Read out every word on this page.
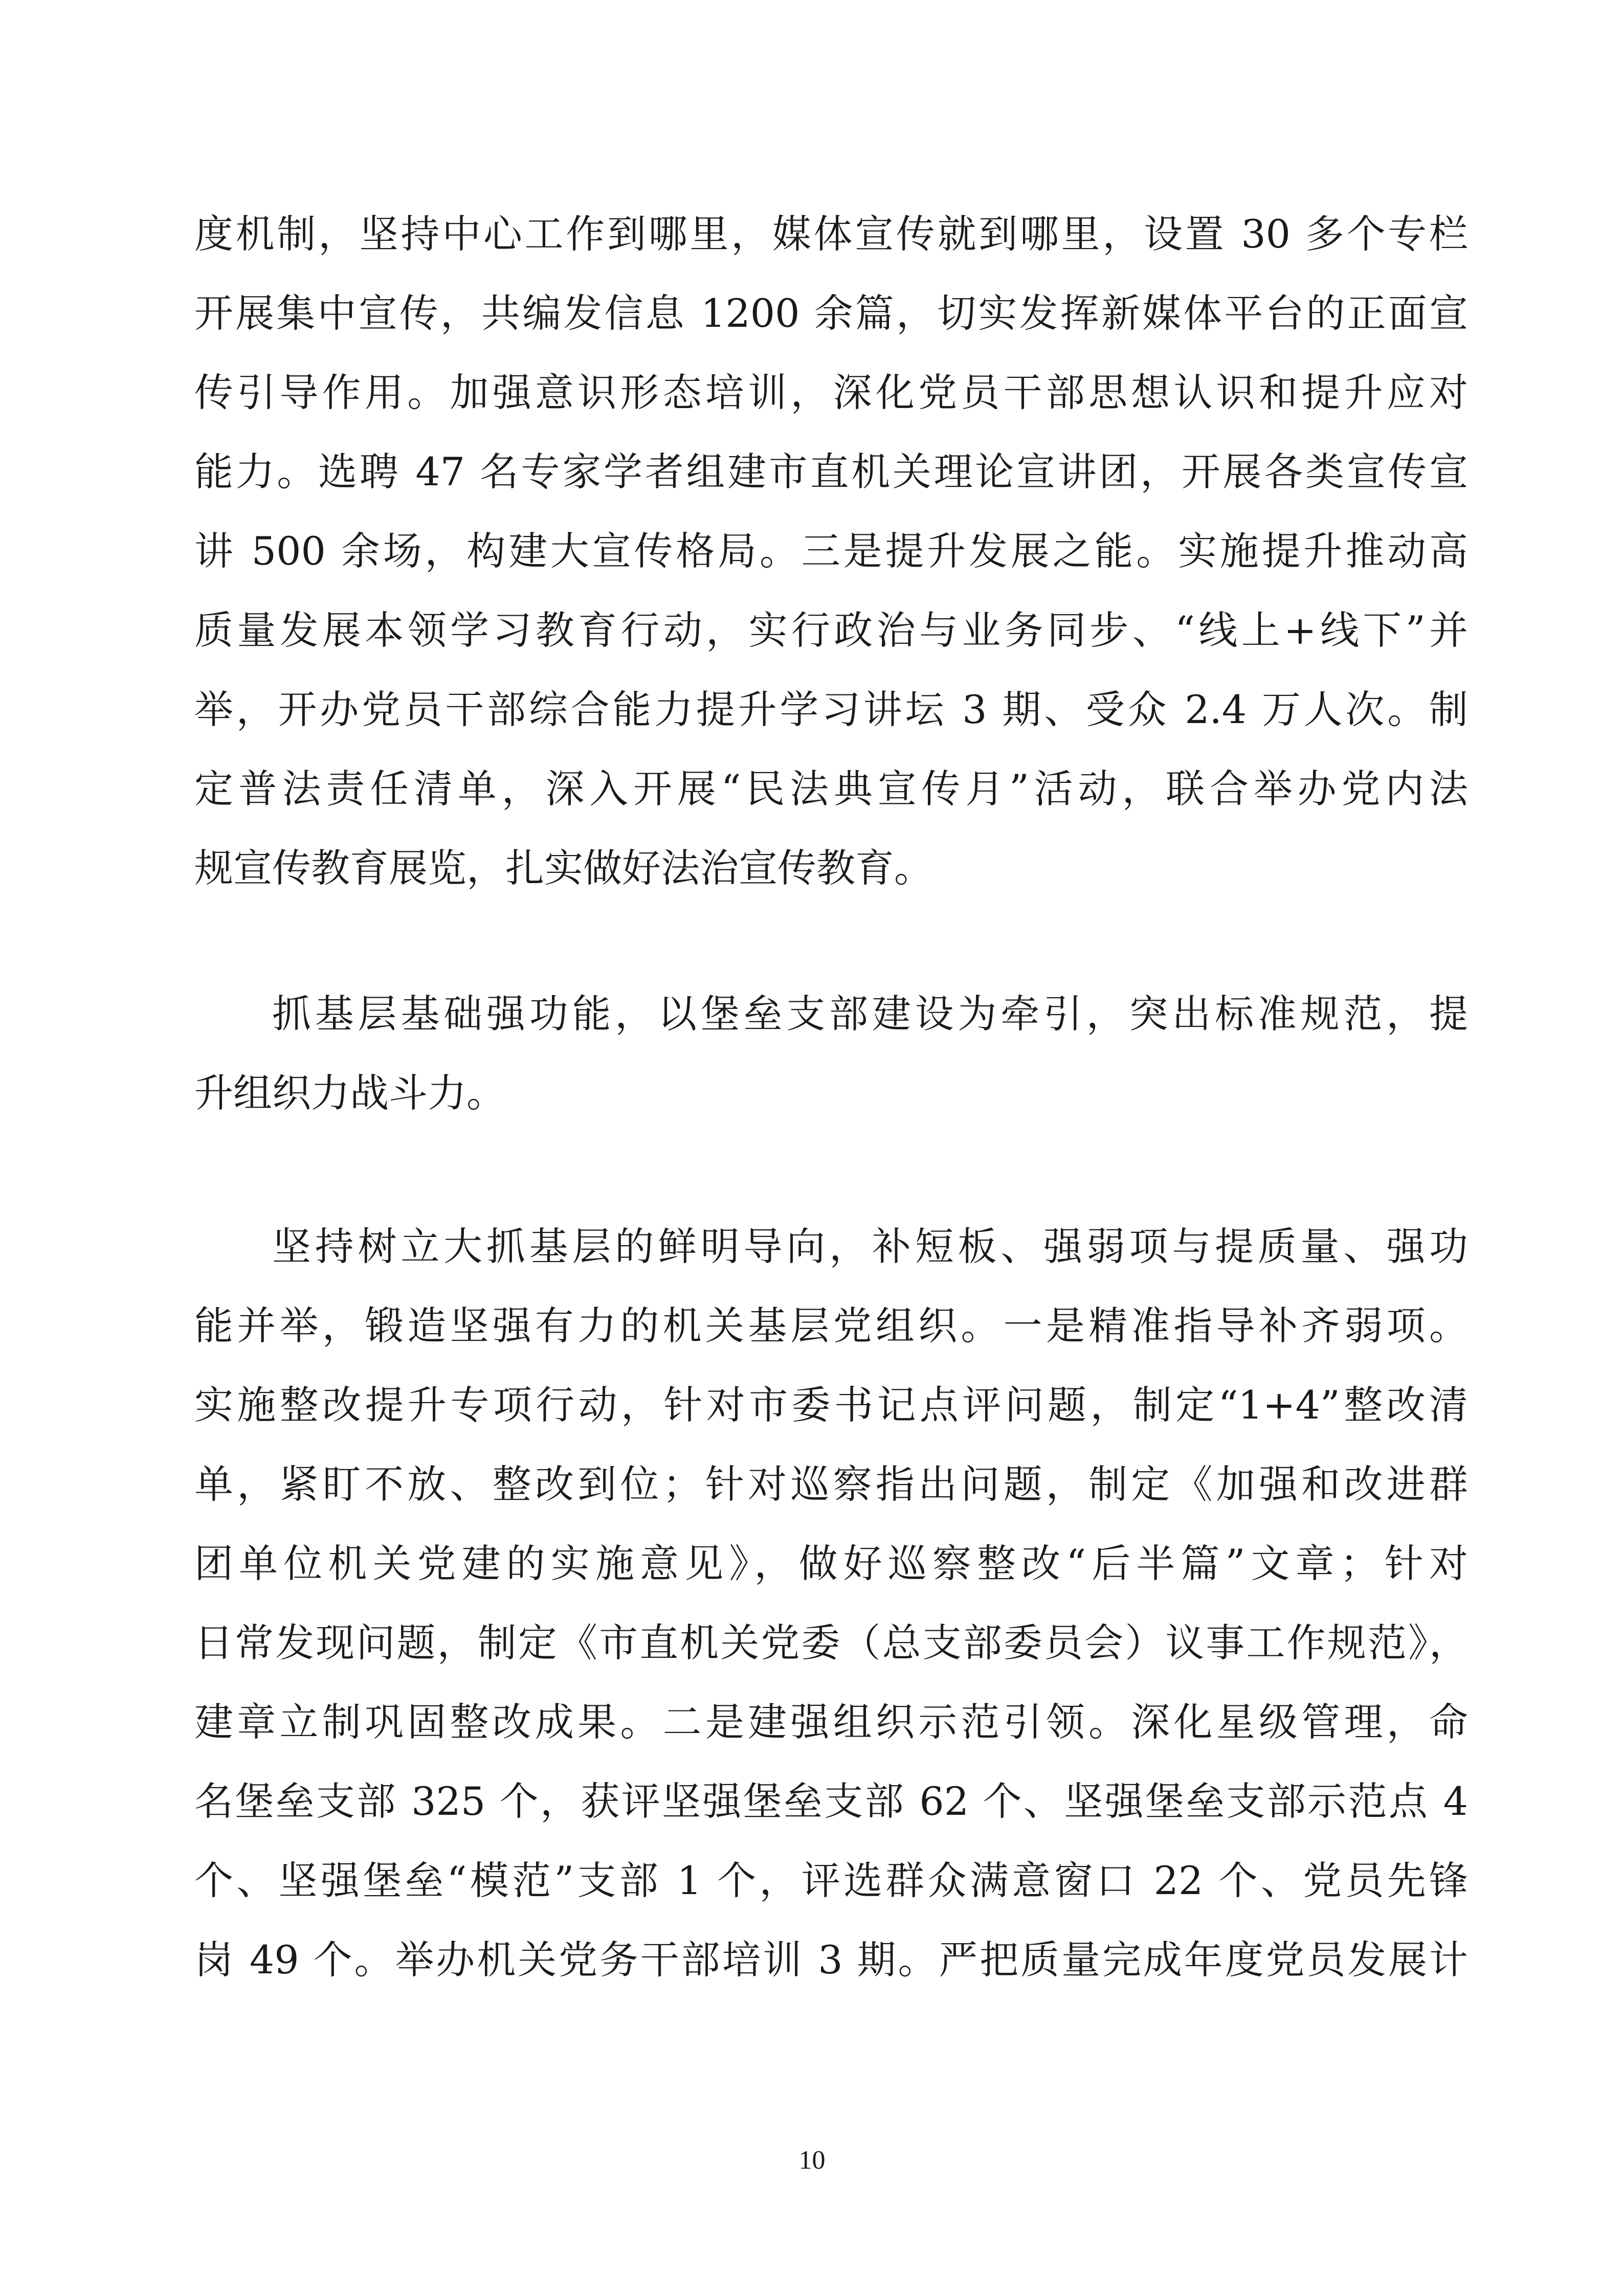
度机制，坚持中心工作到哪里，媒体宣传就到哪里，设置 30 多个专栏
开展集中宣传，共编发信息 1200 余篇，切实发挥新媒体平台的正面宣
传引导作用。加强意识形态培训，深化党员干部思想认识和提升应对
能力。选聘 47 名专家学者组建市直机关理论宣讲团，开展各类宣传宣
讲 500 余场，构建大宣传格局。三是提升发展之能。实施提升推动高
质量发展本领学习教育行动，实行政治与业务同步、“线上+线下”并
举，开办党员干部综合能力提升学习讲坛 3 期、受众 2.4 万人次。制
定普法责任清单，深入开展“民法典宣传月”活动，联合举办党内法
规宣传教育展览，扎实做好法治宣传教育。
抓基层基础强功能，以堡垒支部建设为牵引，突出标准规范，提
升组织力战斗力。
坚持树立大抓基层的鲜明导向，补短板、强弱项与提质量、强功
能并举，锻造坚强有力的机关基层党组织。一是精准指导补齐弱项。
实施整改提升专项行动，针对市委书记点评问题，制定“1+4”整改清
单，紧盯不放、整改到位；针对巡察指出问题，制定《加强和改进群
团单位机关党建的实施意见》，做好巡察整改“后半篇”文章；针对
日常发现问题，制定《市直机关党委（总支部委员会）议事工作规范》，
建章立制巩固整改成果。二是建强组织示范引领。深化星级管理，命
名堡垒支部 325 个，获评坚强堡垒支部 62 个、坚强堡垒支部示范点 4
个、坚强堡垒“模范”支部 1 个，评选群众满意窗口 22 个、党员先锋
岗 49 个。举办机关党务干部培训 3 期。严把质量完成年度党员发展计
10
